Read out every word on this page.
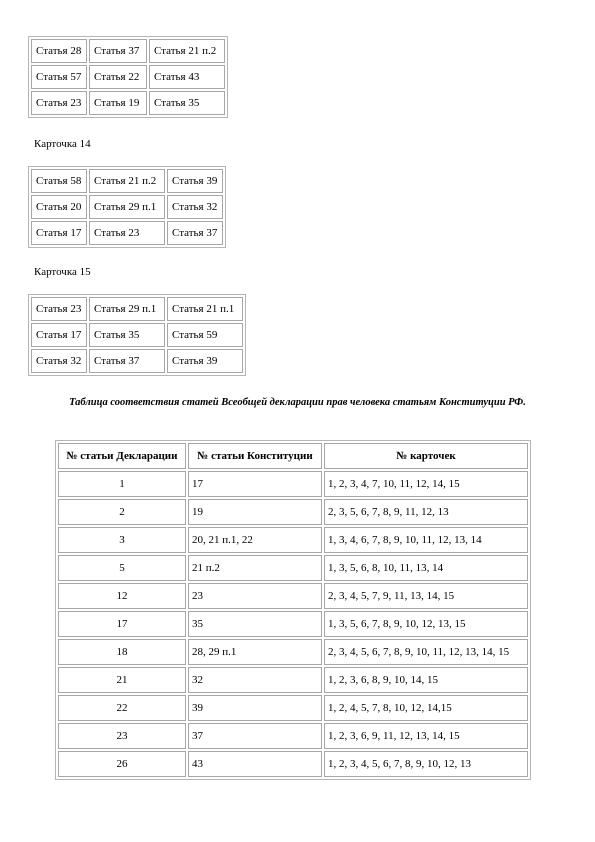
Статья 28	Статья 37	Статья 21 п.2
Статья 57	Статья 22	Статья 43
Статья 23	Статья 19	Статья 35

Карточка 14

Статья 58	Статья 21 п.2	Статья 39
Статья 20	Статья 29 п.1	Статья 32
Статья 17	Статья 23	Статья 37

Карточка 15

Статья 23	Статья 29 п.1	Статья 21 п.1
Статья 17	Статья 35	Статья 59
Статья 32	Статья 37	Статья 39

Таблица соответствия статей Всеобщей декларации прав человека статьям Конституции РФ.

№ статьи Декларации	№ статьи Конституции	№ карточек
1	17	1, 2, 3, 4, 7, 10, 11, 12, 14, 15
2	19	2, 3, 5, 6, 7, 8, 9, 11, 12, 13
3	20, 21 п.1, 22	1, 3, 4, 6, 7, 8, 9, 10, 11, 12, 13, 14
5	21 п.2	1, 3, 5, 6, 8, 10, 11, 13, 14
12	23	2, 3, 4, 5, 7, 9, 11, 13, 14, 15
17	35	1, 3, 5, 6, 7, 8, 9, 10, 12, 13, 15
18	28, 29 п.1	2, 3, 4, 5, 6, 7, 8, 9, 10, 11, 12, 13, 14, 15
21	32	1, 2, 3, 6, 8, 9, 10, 14, 15
22	39	1, 2, 4, 5, 7, 8, 10, 12, 14,15
23	37	1, 2, 3, 6, 9, 11, 12, 13, 14, 15
26	43	1, 2, 3, 4, 5, 6, 7, 8, 9, 10, 12, 13
